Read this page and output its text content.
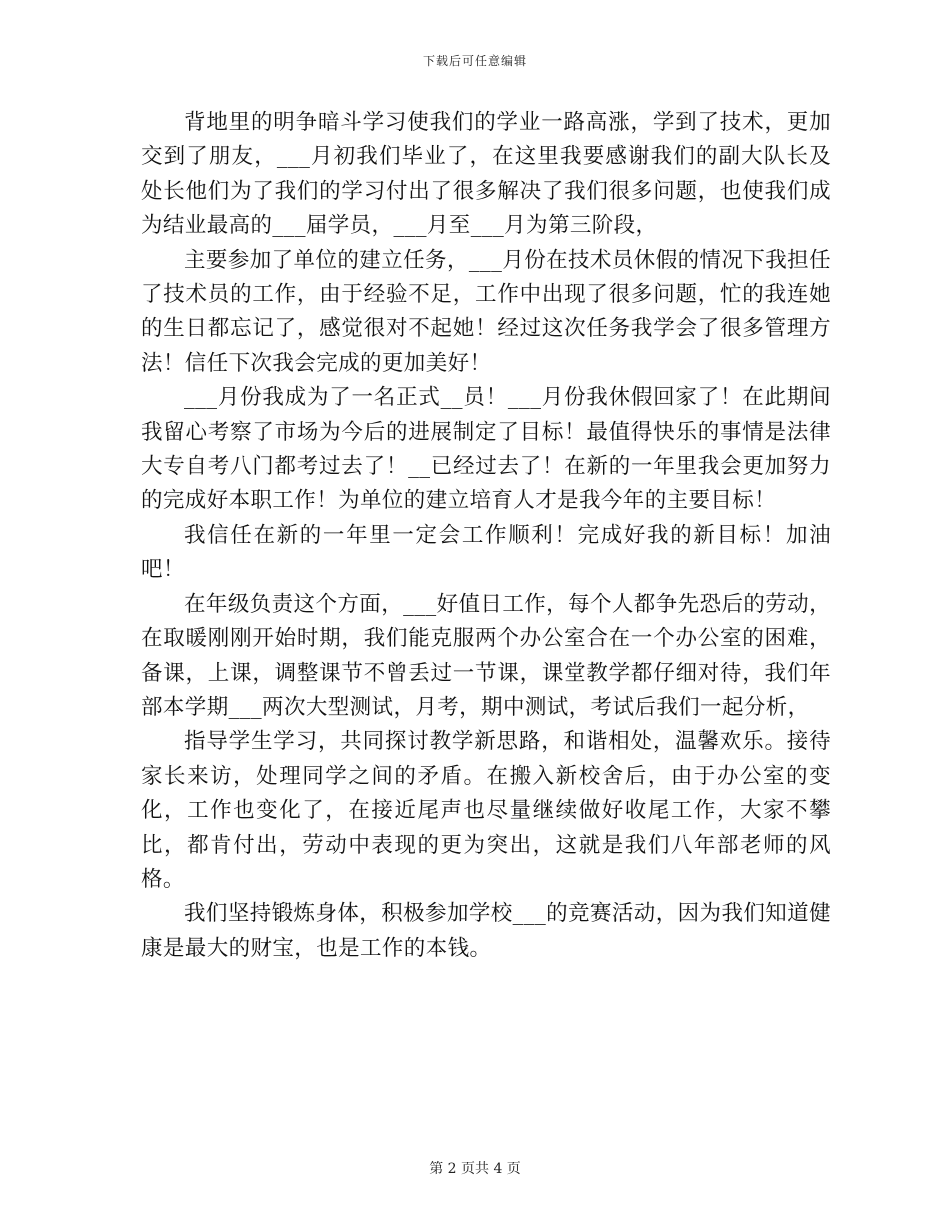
下载后可任意编辑

背地里的明争暗斗学习使我们的学业一路高涨，学到了技术，更加交到了朋友，___月初我们毕业了，在这里我要感谢我们的副大队长及处长他们为了我们的学习付出了很多解决了我们很多问题，也使我们成为结业最高的___届学员，___月至___月为第三阶段，

主要参加了单位的建立任务，___月份在技术员休假的情况下我担任了技术员的工作，由于经验不足，工作中出现了很多问题，忙的我连她的生日都忘记了，感觉很对不起她！经过这次任务我学会了很多管理方法！信任下次我会完成的更加美好！

___月份我成为了一名正式__员！___月份我休假回家了！在此期间我留心考察了市场为今后的进展制定了目标！最值得快乐的事情是法律大专自考八门都考过去了！__已经过去了！在新的一年里我会更加努力的完成好本职工作！为单位的建立培育人才是我今年的主要目标！

我信任在新的一年里一定会工作顺利！完成好我的新目标！加油吧！

在年级负责这个方面，___好值日工作，每个人都争先恐后的劳动，在取暖刚刚开始时期，我们能克服两个办公室合在一个办公室的困难，备课，上课，调整课节不曾丢过一节课，课堂教学都仔细对待，我们年部本学期___两次大型测试，月考，期中测试，考试后我们一起分析，

指导学生学习，共同探讨教学新思路，和谐相处，温馨欢乐。接待家长来访，处理同学之间的矛盾。在搬入新校舍后，由于办公室的变化，工作也变化了，在接近尾声也尽量继续做好收尾工作，大家不攀比，都肯付出，劳动中表现的更为突出，这就是我们八年部老师的风格。

我们坚持锻炼身体，积极参加学校___的竞赛活动，因为我们知道健康是最大的财宝，也是工作的本钱。

第 2 页共 4 页
